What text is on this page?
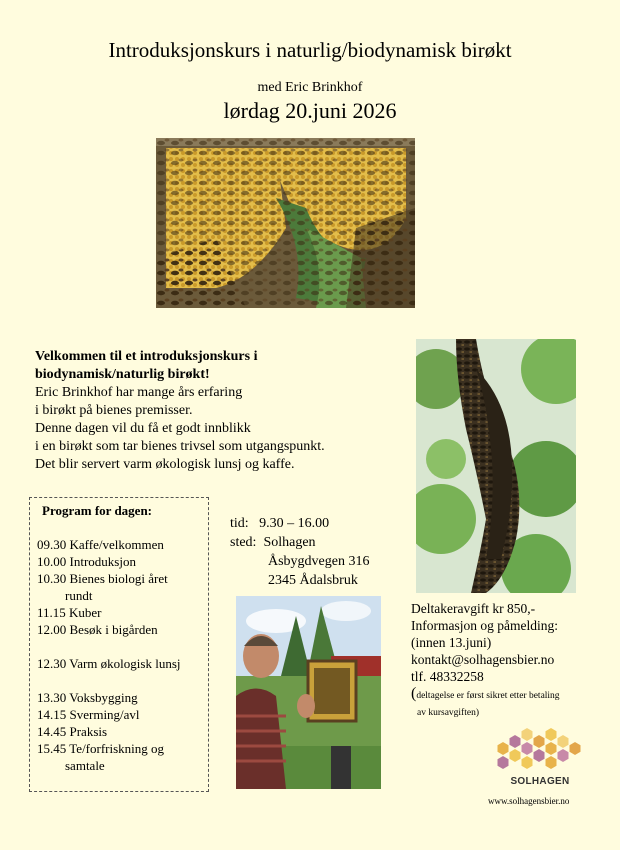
Introduksjonskurs i naturlig/biodynamisk birøkt
med Eric Brinkhof
lørdag 20.juni 2026
Velkommen til et introduksjonskurs i
biodynamisk/naturlig birøkt!
Eric Brinkhof har mange års erfaring
i birøkt på bienes premisser.
Denne dagen vil du få et godt innblikk
i en birøkt som tar bienes trivsel som utgangspunkt.
Det blir servert varm økologisk lunsj og kaffe.
Program for dagen:
09.30 Kaffe/velkommen
10.00 Introduksjon
10.30 Bienes biologi året
rundt
11.15 Kuber
12.00 Besøk i bigården
12.30 Varm økologisk lunsj
13.30 Voksbygging
14.15 Sverming/avl
14.45 Praksis
15.45 Te/forfriskning og
samtale
tid: 9.30 – 16.00
sted: Solhagen
Åsbygdvegen 316
2345 Ådalsbruk
Deltakeravgift kr 850,-
Informasjon og påmelding:
(innen 13.juni)
kontakt@solhagensbier.no
tlf. 48332258
(deltagelse er først sikret etter betaling
av kursavgiften)
SOLHAGEN
www.solhagensbier.no
